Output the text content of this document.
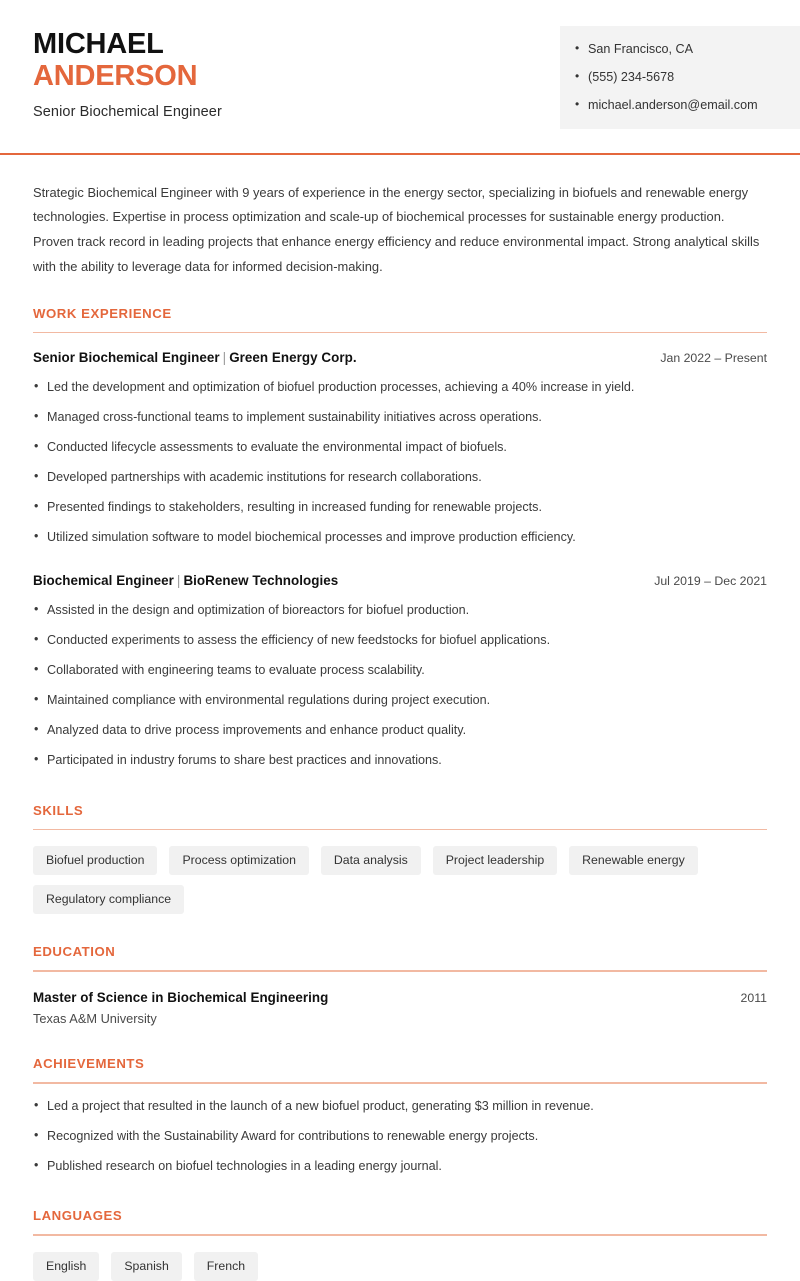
MICHAEL
ANDERSON
Senior Biochemical Engineer
• San Francisco, CA
• (555) 234-5678
• michael.anderson@email.com

Strategic Biochemical Engineer with 9 years of experience in the energy sector, specializing in biofuels and renewable energy technologies. Expertise in process optimization and scale-up of biochemical processes for sustainable energy production. Proven track record in leading projects that enhance energy efficiency and reduce environmental impact. Strong analytical skills with the ability to leverage data for informed decision-making.

WORK EXPERIENCE
Senior Biochemical Engineer | Green Energy Corp.	Jan 2022 – Present
• Led the development and optimization of biofuel production processes, achieving a 40% increase in yield.
• Managed cross-functional teams to implement sustainability initiatives across operations.
• Conducted lifecycle assessments to evaluate the environmental impact of biofuels.
• Developed partnerships with academic institutions for research collaborations.
• Presented findings to stakeholders, resulting in increased funding for renewable projects.
• Utilized simulation software to model biochemical processes and improve production efficiency.
Biochemical Engineer | BioRenew Technologies	Jul 2019 – Dec 2021
• Assisted in the design and optimization of bioreactors for biofuel production.
• Conducted experiments to assess the efficiency of new feedstocks for biofuel applications.
• Collaborated with engineering teams to evaluate process scalability.
• Maintained compliance with environmental regulations during project execution.
• Analyzed data to drive process improvements and enhance product quality.
• Participated in industry forums to share best practices and innovations.
SKILLS
Biofuel production	Process optimization	Data analysis	Project leadership	Renewable energy
Regulatory compliance
EDUCATION
Master of Science in Biochemical Engineering	2011
Texas A&M University
ACHIEVEMENTS
• Led a project that resulted in the launch of a new biofuel product, generating $3 million in revenue.
• Recognized with the Sustainability Award for contributions to renewable energy projects.
• Published research on biofuel technologies in a leading energy journal.
LANGUAGES
English	Spanish	French
